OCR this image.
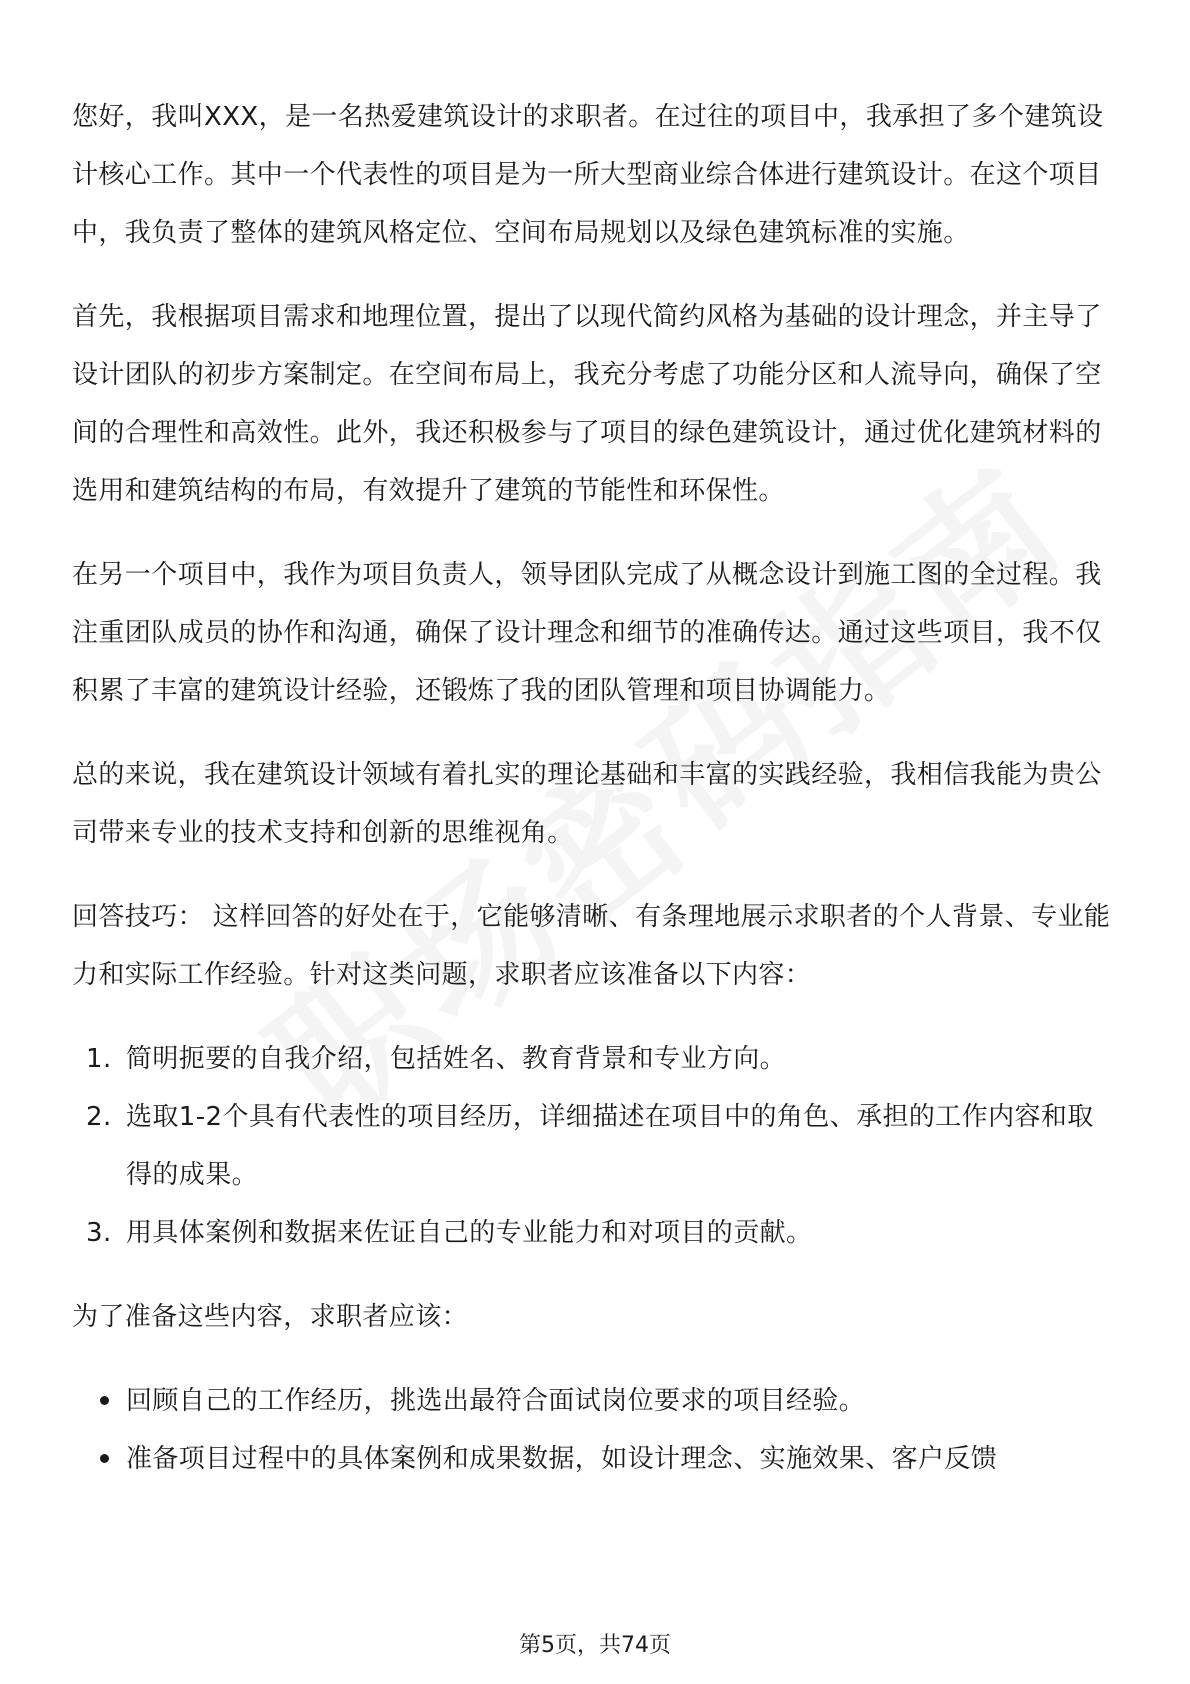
您好，我叫XXX，是一名热爱建筑设计的求职者。在过往的项目中，我承担了多个建筑设计核心工作。其中一个代表性的项目是为一所大型商业综合体进行建筑设计。在这个项目中，我负责了整体的建筑风格定位、空间布局规划以及绿色建筑标准的实施。

首先，我根据项目需求和地理位置，提出了以现代简约风格为基础的设计理念，并主导了设计团队的初步方案制定。在空间布局上，我充分考虑了功能分区和人流导向，确保了空间的合理性和高效性。此外，我还积极参与了项目的绿色建筑设计，通过优化建筑材料的选用和建筑结构的布局，有效提升了建筑的节能性和环保性。

在另一个项目中，我作为项目负责人，领导团队完成了从概念设计到施工图的全过程。我注重团队成员的协作和沟通，确保了设计理念和细节的准确传达。通过这些项目，我不仅积累了丰富的建筑设计经验，还锻炼了我的团队管理和项目协调能力。

总的来说，我在建筑设计领域有着扎实的理论基础和丰富的实践经验，我相信我能为贵公司带来专业的技术支持和创新的思维视角。

回答技巧： 这样回答的好处在于，它能够清晰、有条理地展示求职者的个人背景、专业能力和实际工作经验。针对这类问题，求职者应该准备以下内容：

1. 简明扼要的自我介绍，包括姓名、教育背景和专业方向。
2. 选取1-2个具有代表性的项目经历，详细描述在项目中的角色、承担的工作内容和取得的成果。
3. 用具体案例和数据来佐证自己的专业能力和对项目的贡献。

为了准备这些内容，求职者应该：

回顾自己的工作经历，挑选出最符合面试岗位要求的项目经验。
准备项目过程中的具体案例和成果数据，如设计理念、实施效果、客户反馈
第5页，共74页
